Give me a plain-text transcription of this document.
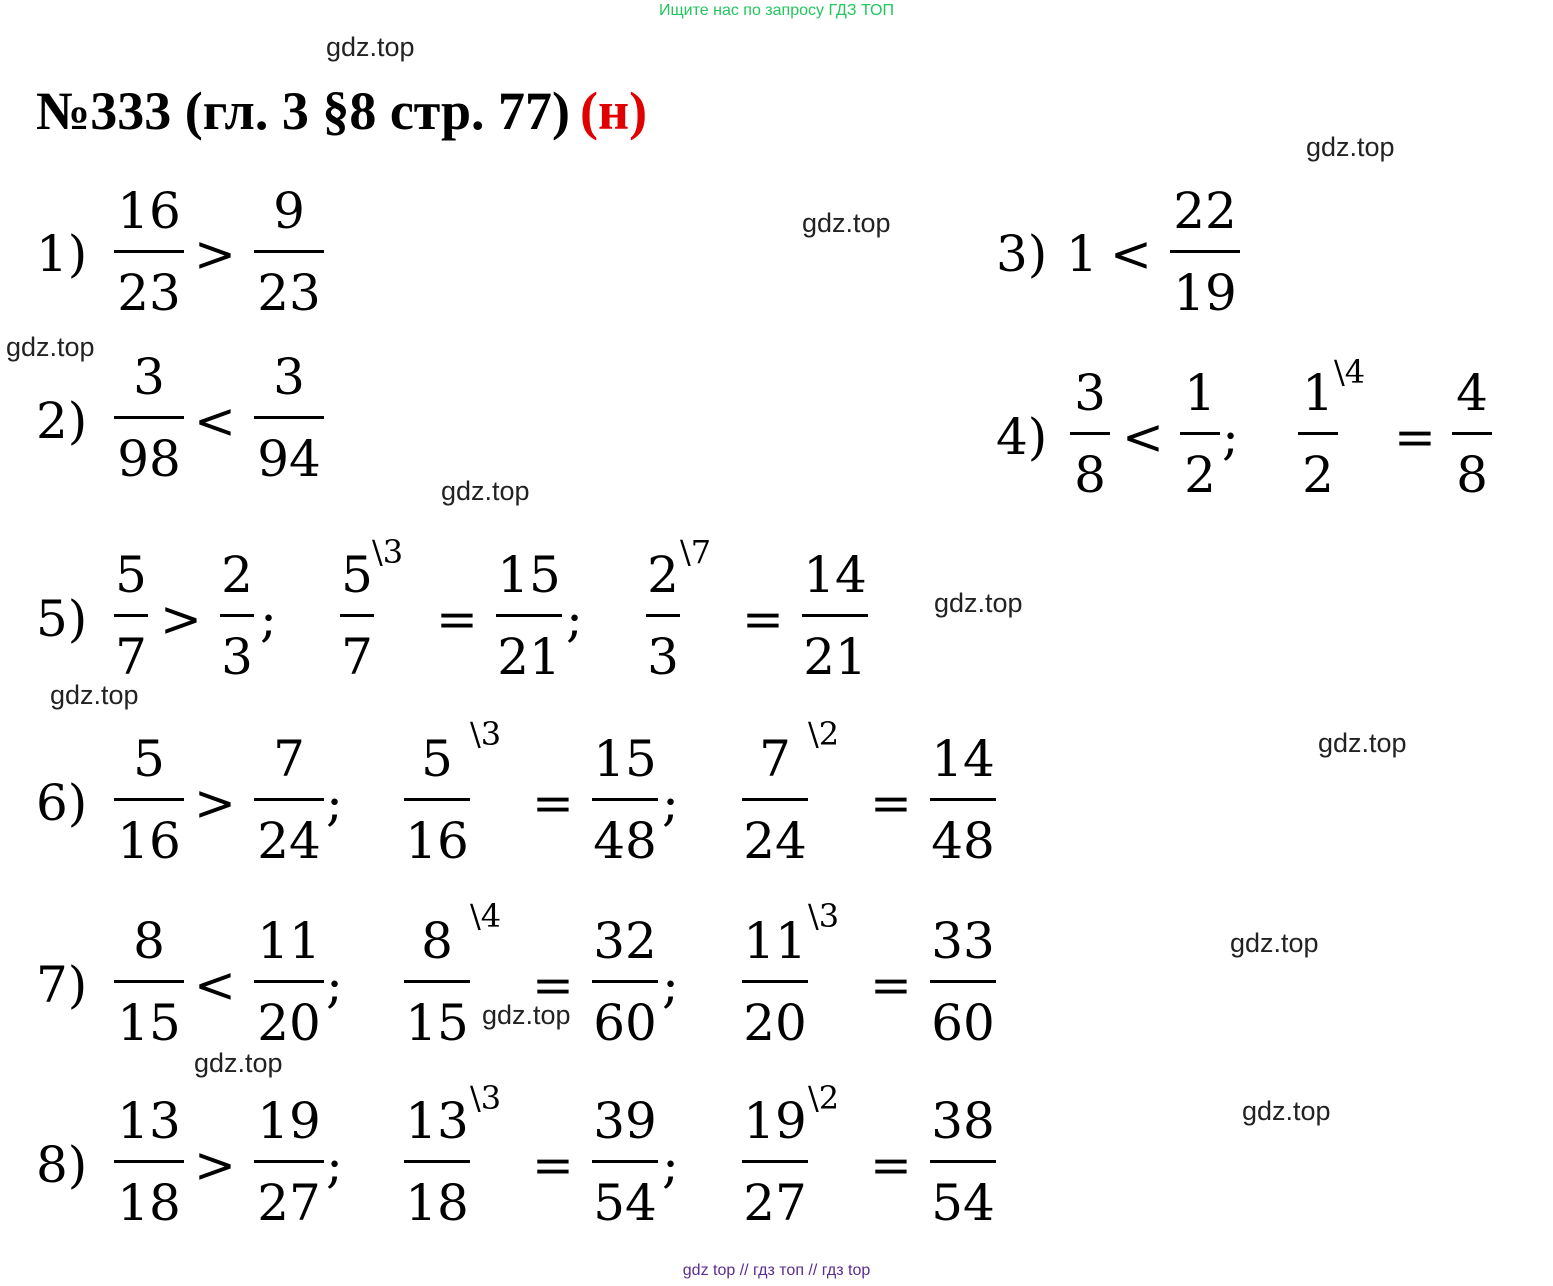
Ищите нас по запросу ГДЗ ТОП
№333 (гл. 3 §8 стр. 77) (н)
gdz.top
gdz.top
gdz.top
gdz.top
gdz.top
gdz.top
gdz.top
gdz.top
gdz.top
gdz.top
gdz.top
gdz.top
1)
16
23
>
9
23
2)
3
98
<
3
94
3) 1 <
22
19
4)
3
8
<
1
2
;
1
2
\4
=
4
8
5)
5
7
>
2
3
;
5
7
\3
=
15
21
;
2
3
\7
=
14
21
6)
5
16
>
7
24
;
5
16
\3
=
15
48
;
7
24
\2
=
14
48
7)
8
15
<
11
20
;
8
15
\4
=
32
60
;
11
20
\3
=
33
60
8)
13
18
>
19
27
;
13
18
\3
=
39
54
;
19
27
\2
=
38
54
gdz top // гдз топ // гдз top
